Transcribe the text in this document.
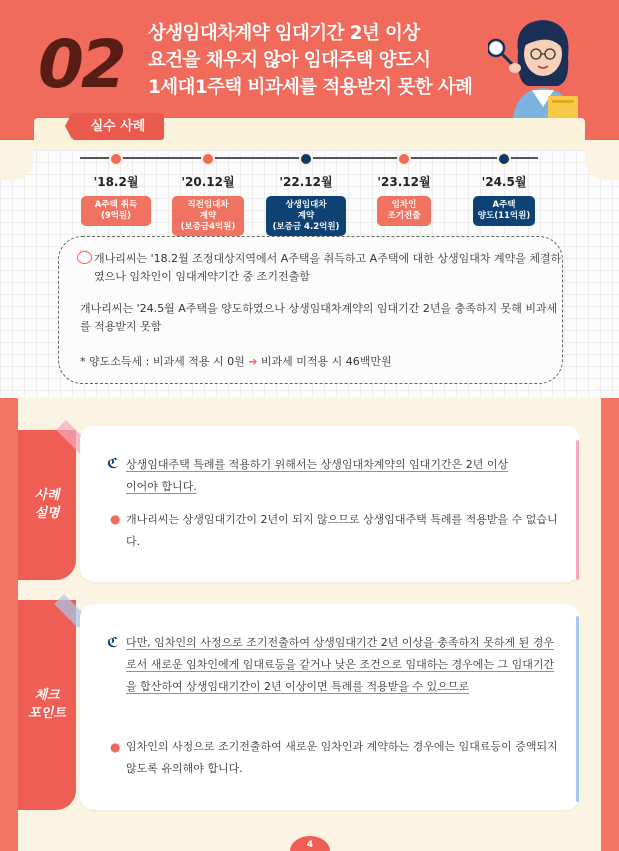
02 상생임대차계약 임대기간 2년 이상
요건을 채우지 않아 임대주택 양도시
1세대1주택 비과세를 적용받지 못한 사례
실수 사례
'18.2월
A주택 취득
(9억원)
'20.12월
직전임대차
계약
(보증금4억원)
'22.12월
상생임대차
계약
(보증금 4.2억원)
'23.12월
임차인
조기전출
'24.5월
A주택
양도(11억원)
···
개나리씨는 '18.2월 조정대상지역에서 A주택을 취득하고 A주택에 대한 상생임대차 계약을 체결하였으나 임차인이 임대계약기간 중 조기전출함
개나리씨는 '24.5월 A주택을 양도하였으나 상생임대차계약의 임대기간 2년을 충족하지 못해 비과세를 적용받지 못함
* 양도소득세 : 비과세 적용 시 0원 ➜ 비과세 미적용 시 46백만원
사례
설명
ℭ 상생임대주택 특례를 적용하기 위해서는 상생임대차계약의 임대기간은 2년 이상
이어야 합니다.
● 개나리씨는 상생임대기간이 2년이 되지 않으므로 상생임대주택 특례를 적용받을 수 없습니다.
체크
포인트
ℭ 다만, 임차인의 사정으로 조기전출하여 상생임대기간 2년 이상을 충족하지 못하게 된 경우로서 새로운 임차인에게 임대료등을 같거나 낮은 조건으로 임대하는 경우에는 그 임대기간을 합산하여 상생임대기간이 2년 이상이면 특례를 적용받을 수 있으므로
● 임차인의 사정으로 조기전출하여 새로운 임차인과 계약하는 경우에는 임대료등이 증액되지 않도록 유의해야 합니다.
4
